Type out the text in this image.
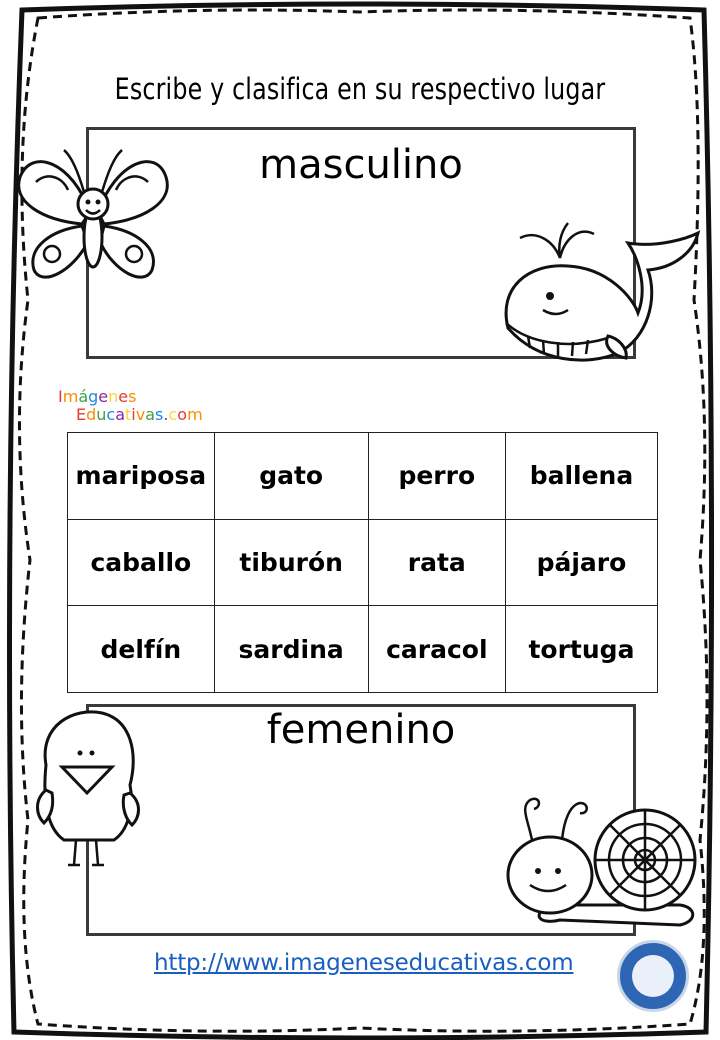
Escribe y clasifica en su respectivo lugar
masculino
Imágenes
Educativas.com
mariposa	gato	perro	ballena
caballo	tiburón	rata	pájaro
delfín	sardina	caracol	tortuga
femenino
http://www.imageneseducativas.com
